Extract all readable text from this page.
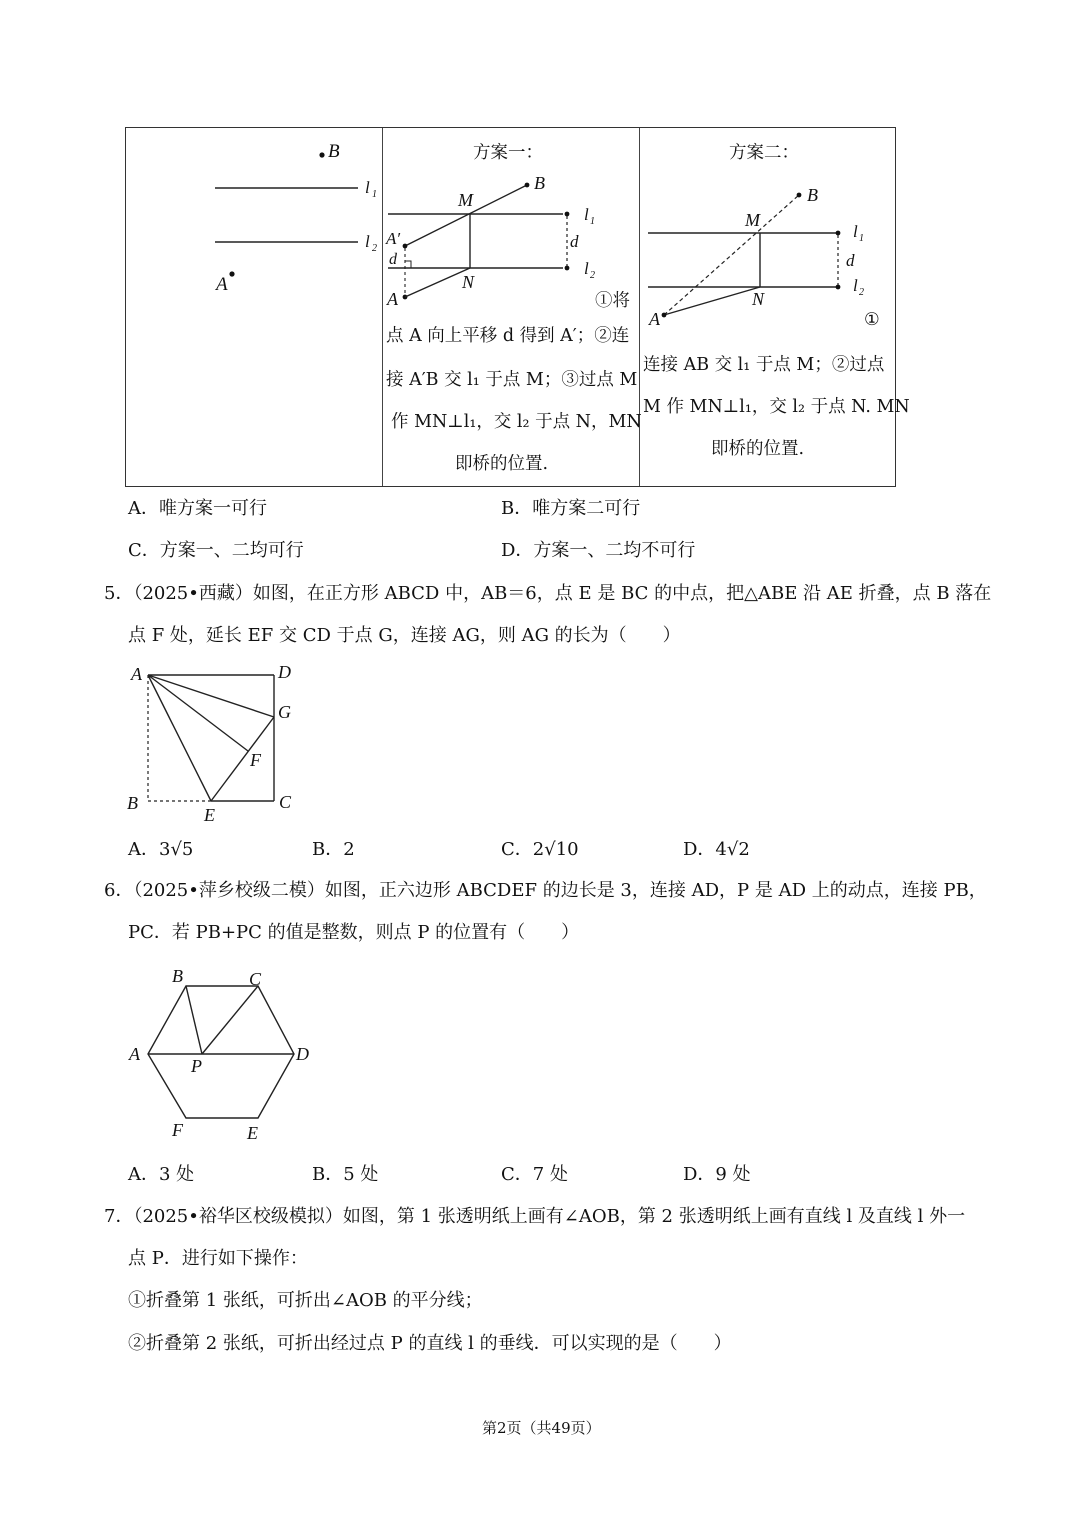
B
l 1
l 2
A
方案一：
l 1
l 2
d
B
M
N
A′
d
A	①将
点 A 向上平移 d 得到 A′；②连
接 A′B 交 l₁ 于点 M；③过点 M
作 MN⊥l₁，交 l₂ 于点 N，MN
即桥的位置.
方案二：
l 1
l 2
d
B
M
N
A	①
连接 AB 交 l₁ 于点 M；②过点
M 作 MN⊥l₁，交 l₂ 于点 N. MN
即桥的位置.
A．唯方案一可行	B．唯方案二可行
C．方案一、二均可行	D．方案一、二均不可行
5．（2025•西藏）如图，在正方形 ABCD 中，AB＝6，点 E 是 BC 的中点，把△ABE 沿 AE 折叠，点 B 落在
点 F 处，延长 EF 交 CD 于点 G，连接 AG，则 AG 的长为（　　）
A	D
G
F
B
E
C
A．3√5	B．2	C．2√10	D．4√2
6．（2025•萍乡校级二模）如图，正六边形 ABCDEF 的边长是 3，连接 AD，P 是 AD 上的动点，连接 PB，
PC．若 PB+PC 的值是整数，则点 P 的位置有（　　）
B	C
A	D
P
F	E
A．3 处	B．5 处	C．7 处	D．9 处
7．（2025•裕华区校级模拟）如图，第 1 张透明纸上画有∠AOB，第 2 张透明纸上画有直线 l 及直线 l 外一
点 P．进行如下操作：
①折叠第 1 张纸，可折出∠AOB 的平分线；
②折叠第 2 张纸，可折出经过点 P 的直线 l 的垂线．可以实现的是（　　）
第2页（共49页）
